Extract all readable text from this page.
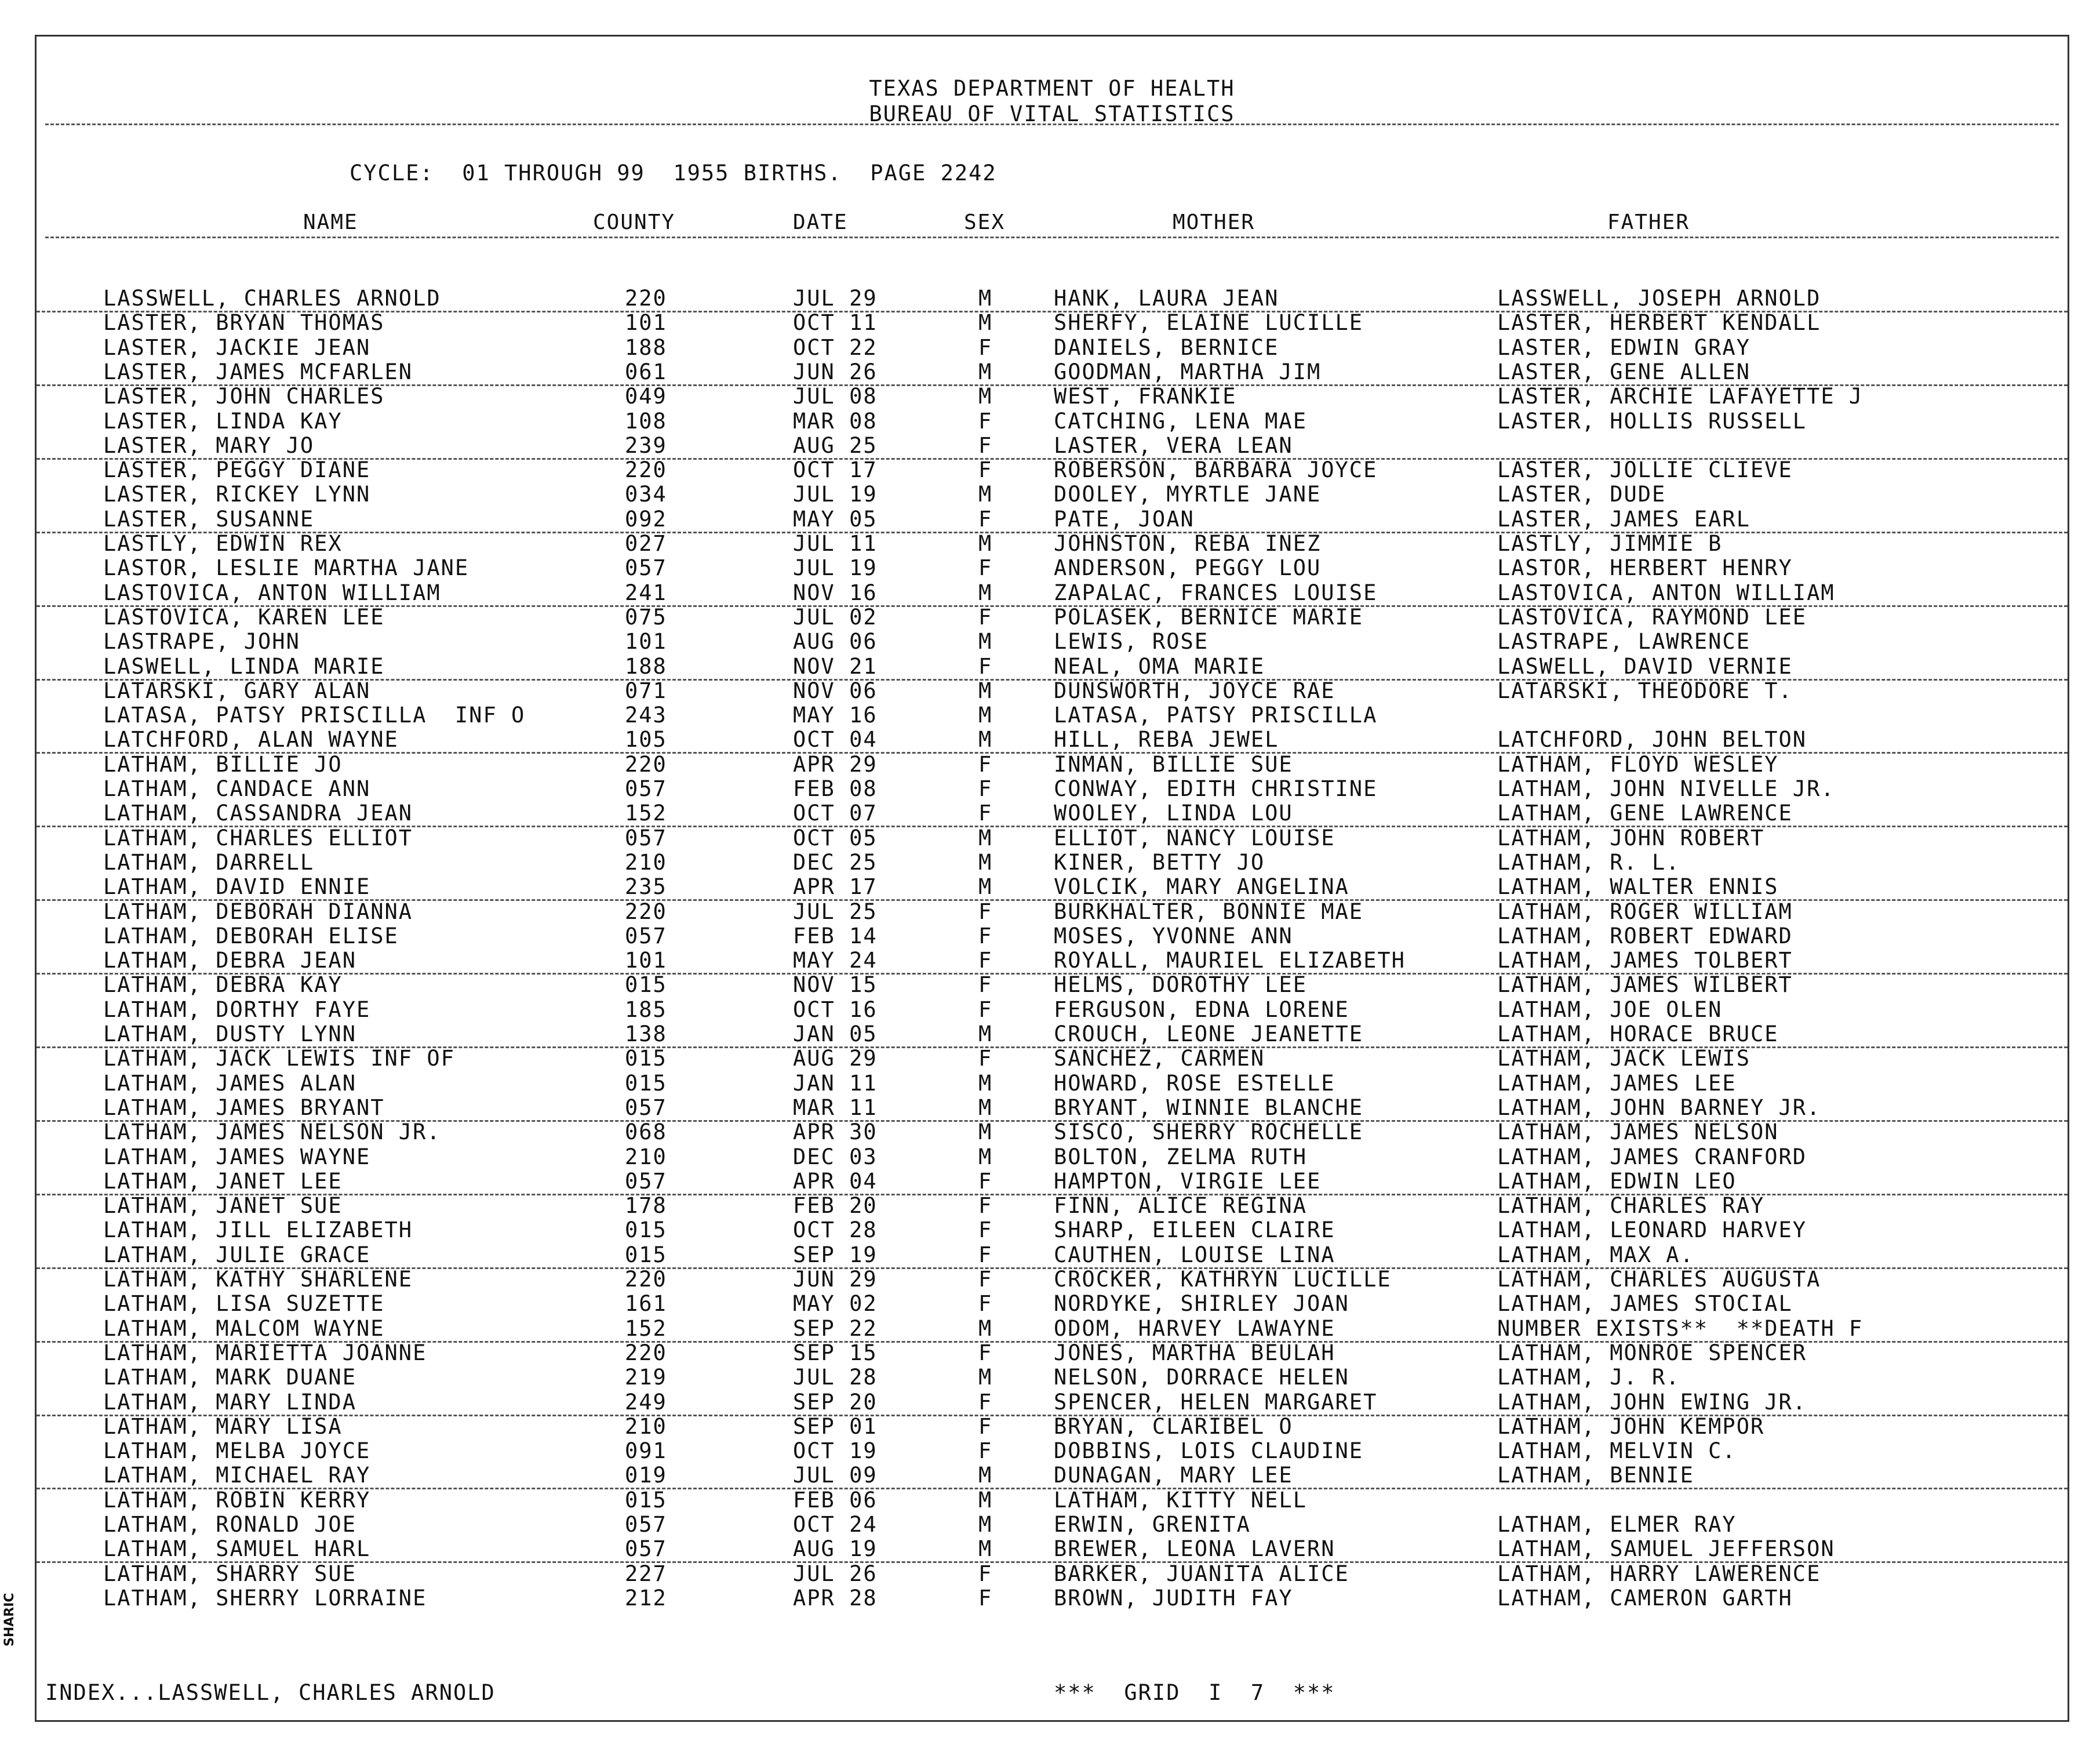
TEXAS DEPARTMENT OF HEALTH
BUREAU OF VITAL STATISTICS
CYCLE:  01 THROUGH 99  1955 BIRTHS.  PAGE 2242
NAME	COUNTY	DATE	SEX	MOTHER	FATHER
LASSWELL, CHARLES ARNOLD	220	JUL 29	M	HANK, LAURA JEAN	LASSWELL, JOSEPH ARNOLD
LASTER, BRYAN THOMAS	101	OCT 11	M	SHERFY, ELAINE LUCILLE	LASTER, HERBERT KENDALL
LASTER, JACKIE JEAN	188	OCT 22	F	DANIELS, BERNICE	LASTER, EDWIN GRAY
LASTER, JAMES MCFARLEN	061	JUN 26	M	GOODMAN, MARTHA JIM	LASTER, GENE ALLEN
LASTER, JOHN CHARLES	049	JUL 08	M	WEST, FRANKIE	LASTER, ARCHIE LAFAYETTE J
LASTER, LINDA KAY	108	MAR 08	F	CATCHING, LENA MAE	LASTER, HOLLIS RUSSELL
LASTER, MARY JO	239	AUG 25	F	LASTER, VERA LEAN
LASTER, PEGGY DIANE	220	OCT 17	F	ROBERSON, BARBARA JOYCE	LASTER, JOLLIE CLIEVE
LASTER, RICKEY LYNN	034	JUL 19	M	DOOLEY, MYRTLE JANE	LASTER, DUDE
LASTER, SUSANNE	092	MAY 05	F	PATE, JOAN	LASTER, JAMES EARL
LASTLY, EDWIN REX	027	JUL 11	M	JOHNSTON, REBA INEZ	LASTLY, JIMMIE B
LASTOR, LESLIE MARTHA JANE	057	JUL 19	F	ANDERSON, PEGGY LOU	LASTOR, HERBERT HENRY
LASTOVICA, ANTON WILLIAM	241	NOV 16	M	ZAPALAC, FRANCES LOUISE	LASTOVICA, ANTON WILLIAM
LASTOVICA, KAREN LEE	075	JUL 02	F	POLASEK, BERNICE MARIE	LASTOVICA, RAYMOND LEE
LASTRAPE, JOHN	101	AUG 06	M	LEWIS, ROSE	LASTRAPE, LAWRENCE
LASWELL, LINDA MARIE	188	NOV 21	F	NEAL, OMA MARIE	LASWELL, DAVID VERNIE
LATARSKI, GARY ALAN	071	NOV 06	M	DUNSWORTH, JOYCE RAE	LATARSKI, THEODORE T.
LATASA, PATSY PRISCILLA  INF O	243	MAY 16	M	LATASA, PATSY PRISCILLA
LATCHFORD, ALAN WAYNE	105	OCT 04	M	HILL, REBA JEWEL	LATCHFORD, JOHN BELTON
LATHAM, BILLIE JO	220	APR 29	F	INMAN, BILLIE SUE	LATHAM, FLOYD WESLEY
LATHAM, CANDACE ANN	057	FEB 08	F	CONWAY, EDITH CHRISTINE	LATHAM, JOHN NIVELLE JR.
LATHAM, CASSANDRA JEAN	152	OCT 07	F	WOOLEY, LINDA LOU	LATHAM, GENE LAWRENCE
LATHAM, CHARLES ELLIOT	057	OCT 05	M	ELLIOT, NANCY LOUISE	LATHAM, JOHN ROBERT
LATHAM, DARRELL	210	DEC 25	M	KINER, BETTY JO	LATHAM, R. L.
LATHAM, DAVID ENNIE	235	APR 17	M	VOLCIK, MARY ANGELINA	LATHAM, WALTER ENNIS
LATHAM, DEBORAH DIANNA	220	JUL 25	F	BURKHALTER, BONNIE MAE	LATHAM, ROGER WILLIAM
LATHAM, DEBORAH ELISE	057	FEB 14	F	MOSES, YVONNE ANN	LATHAM, ROBERT EDWARD
LATHAM, DEBRA JEAN	101	MAY 24	F	ROYALL, MAURIEL ELIZABETH	LATHAM, JAMES TOLBERT
LATHAM, DEBRA KAY	015	NOV 15	F	HELMS, DOROTHY LEE	LATHAM, JAMES WILBERT
LATHAM, DORTHY FAYE	185	OCT 16	F	FERGUSON, EDNA LORENE	LATHAM, JOE OLEN
LATHAM, DUSTY LYNN	138	JAN 05	M	CROUCH, LEONE JEANETTE	LATHAM, HORACE BRUCE
LATHAM, JACK LEWIS INF OF	015	AUG 29	F	SANCHEZ, CARMEN	LATHAM, JACK LEWIS
LATHAM, JAMES ALAN	015	JAN 11	M	HOWARD, ROSE ESTELLE	LATHAM, JAMES LEE
LATHAM, JAMES BRYANT	057	MAR 11	M	BRYANT, WINNIE BLANCHE	LATHAM, JOHN BARNEY JR.
LATHAM, JAMES NELSON JR.	068	APR 30	M	SISCO, SHERRY ROCHELLE	LATHAM, JAMES NELSON
LATHAM, JAMES WAYNE	210	DEC 03	M	BOLTON, ZELMA RUTH	LATHAM, JAMES CRANFORD
LATHAM, JANET LEE	057	APR 04	F	HAMPTON, VIRGIE LEE	LATHAM, EDWIN LEO
LATHAM, JANET SUE	178	FEB 20	F	FINN, ALICE REGINA	LATHAM, CHARLES RAY
LATHAM, JILL ELIZABETH	015	OCT 28	F	SHARP, EILEEN CLAIRE	LATHAM, LEONARD HARVEY
LATHAM, JULIE GRACE	015	SEP 19	F	CAUTHEN, LOUISE LINA	LATHAM, MAX A.
LATHAM, KATHY SHARLENE	220	JUN 29	F	CROCKER, KATHRYN LUCILLE	LATHAM, CHARLES AUGUSTA
LATHAM, LISA SUZETTE	161	MAY 02	F	NORDYKE, SHIRLEY JOAN	LATHAM, JAMES STOCIAL
LATHAM, MALCOM WAYNE	152	SEP 22	M	ODOM, HARVEY LAWAYNE	NUMBER EXISTS**  **DEATH F
LATHAM, MARIETTA JOANNE	220	SEP 15	F	JONES, MARTHA BEULAH	LATHAM, MONROE SPENCER
LATHAM, MARK DUANE	219	JUL 28	M	NELSON, DORRACE HELEN	LATHAM, J. R.
LATHAM, MARY LINDA	249	SEP 20	F	SPENCER, HELEN MARGARET	LATHAM, JOHN EWING JR.
LATHAM, MARY LISA	210	SEP 01	F	BRYAN, CLARIBEL O	LATHAM, JOHN KEMPOR
LATHAM, MELBA JOYCE	091	OCT 19	F	DOBBINS, LOIS CLAUDINE	LATHAM, MELVIN C.
LATHAM, MICHAEL RAY	019	JUL 09	M	DUNAGAN, MARY LEE	LATHAM, BENNIE
LATHAM, ROBIN KERRY	015	FEB 06	M	LATHAM, KITTY NELL
LATHAM, RONALD JOE	057	OCT 24	M	ERWIN, GRENITA	LATHAM, ELMER RAY
LATHAM, SAMUEL HARL	057	AUG 19	M	BREWER, LEONA LAVERN	LATHAM, SAMUEL JEFFERSON
LATHAM, SHARRY SUE	227	JUL 26	F	BARKER, JUANITA ALICE	LATHAM, HARRY LAWERENCE
LATHAM, SHERRY LORRAINE	212	APR 28	F	BROWN, JUDITH FAY	LATHAM, CAMERON GARTH
INDEX...LASSWELL, CHARLES ARNOLD	***  GRID  I  7  ***
SHARIC
